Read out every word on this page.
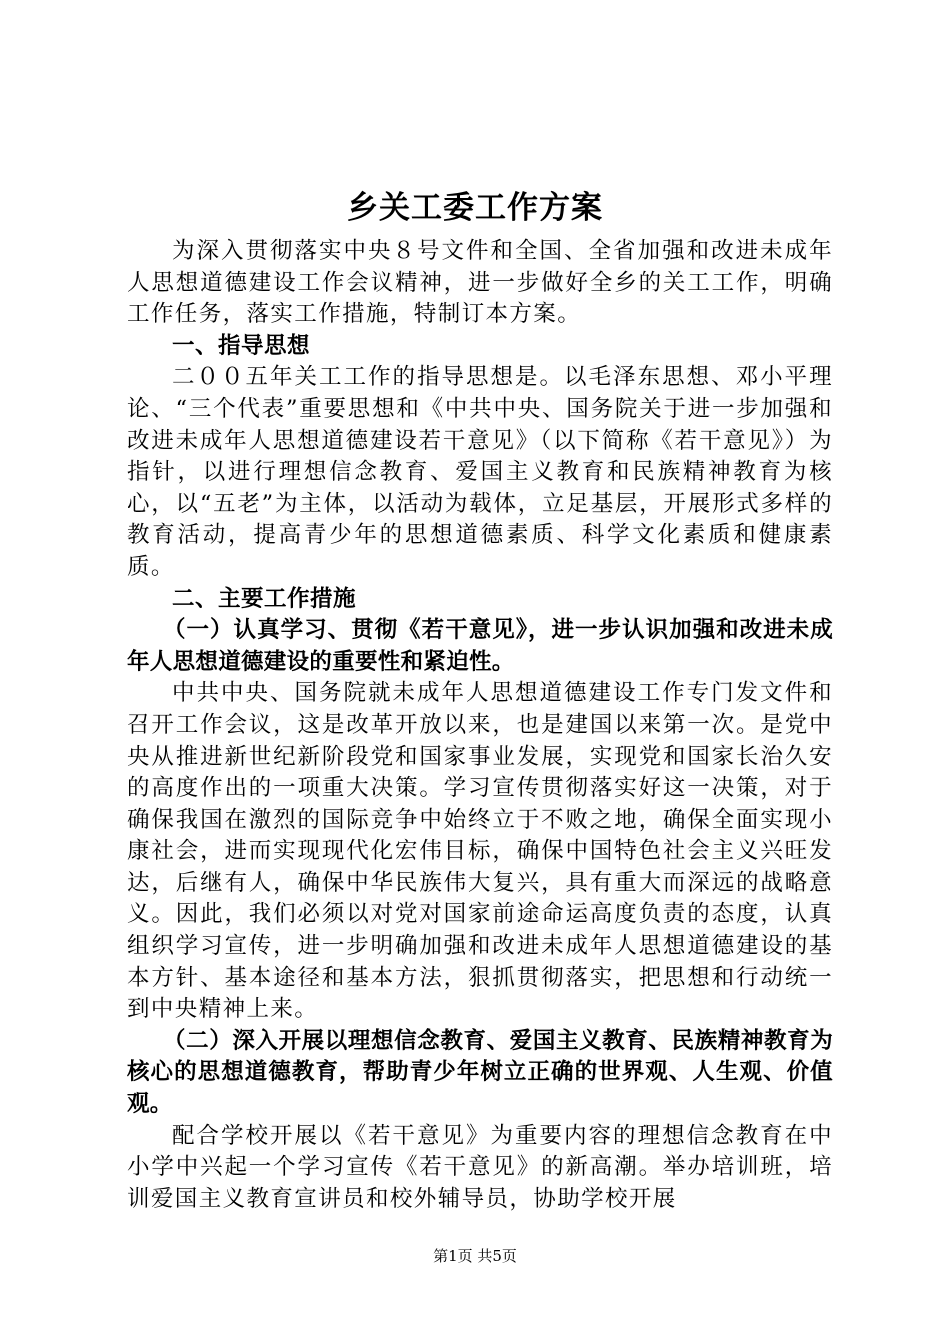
乡关工委工作方案

为深入贯彻落实中央８号文件和全国、全省加强和改进未成年人思想道德建设工作会议精神，进一步做好全乡的关工工作，明确工作任务，落实工作措施，特制订本方案。

一、指导思想

二００五年关工工作的指导思想是。以毛泽东思想、邓小平理论、“三个代表”重要思想和《中共中央、国务院关于进一步加强和改进未成年人思想道德建设若干意见》（以下简称《若干意见》）为指针，以进行理想信念教育、爱国主义教育和民族精神教育为核心，以“五老”为主体，以活动为载体，立足基层，开展形式多样的教育活动，提高青少年的思想道德素质、科学文化素质和健康素质。

二、主要工作措施
（一）认真学习、贯彻《若干意见》，进一步认识加强和改进未成年人思想道德建设的重要性和紧迫性。

中共中央、国务院就未成年人思想道德建设工作专门发文件和召开工作会议，这是改革开放以来，也是建国以来第一次。是党中央从推进新世纪新阶段党和国家事业发展，实现党和国家长治久安的高度作出的一项重大决策。学习宣传贯彻落实好这一决策，对于确保我国在激烈的国际竞争中始终立于不败之地，确保全面实现小康社会，进而实现现代化宏伟目标，确保中国特色社会主义兴旺发达，后继有人，确保中华民族伟大复兴，具有重大而深远的战略意义。因此，我们必须以对党对国家前途命运高度负责的态度，认真组织学习宣传，进一步明确加强和改进未成年人思想道德建设的基本方针、基本途径和基本方法，狠抓贯彻落实，把思想和行动统一到中央精神上来。

（二）深入开展以理想信念教育、爱国主义教育、民族精神教育为核心的思想道德教育，帮助青少年树立正确的世界观、人生观、价值观。

配合学校开展以《若干意见》为重要内容的理想信念教育在中小学中兴起一个学习宣传《若干意见》的新高潮。举办培训班，培训爱国主义教育宣讲员和校外辅导员，协助学校开展

第1页 共5页
